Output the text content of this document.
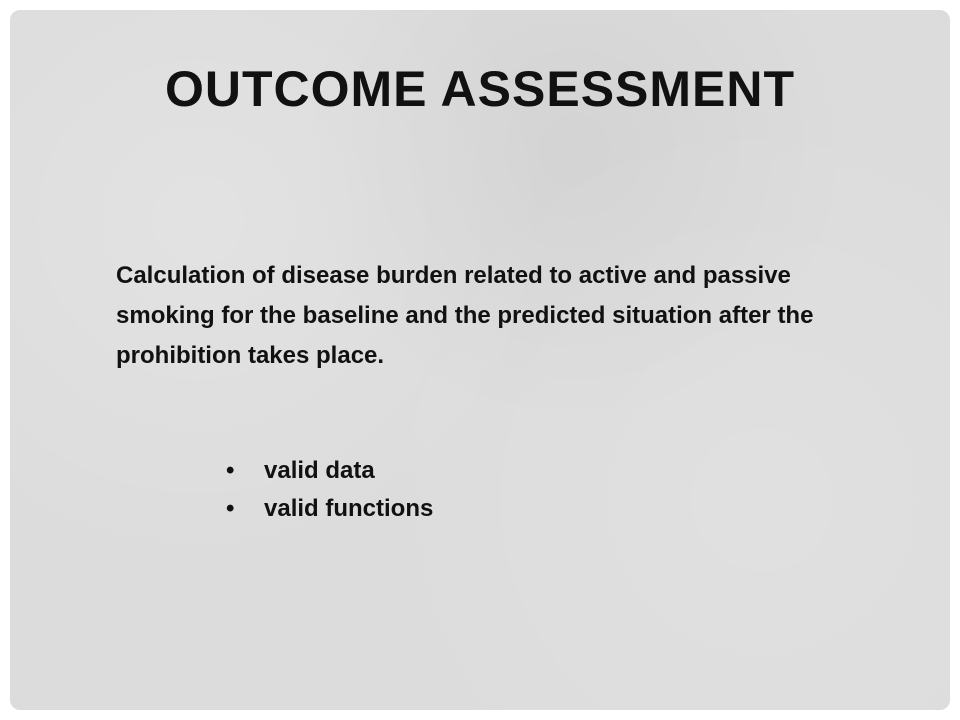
OUTCOME ASSESSMENT

Calculation of disease burden related to active and passive smoking for the baseline and the predicted situation after the prohibition takes place.

• valid data
• valid functions
